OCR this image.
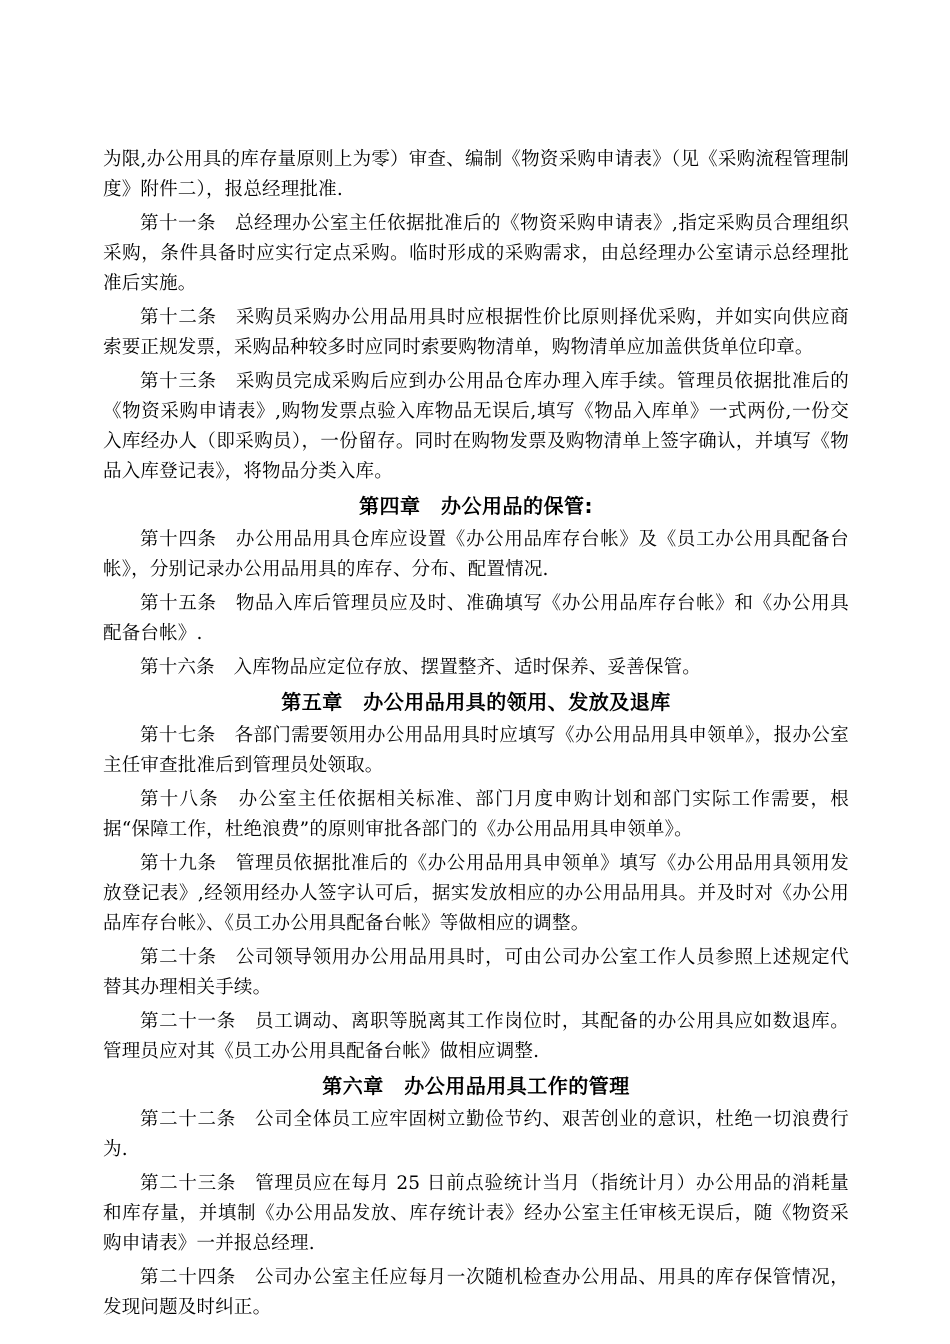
为限,办公用具的库存量原则上为零）审查、编制《物资采购申请表》（见《采购流程管理制度》附件二），报总经理批准.

第十一条　总经理办公室主任依据批准后的《物资采购申请表》,指定采购员合理组织采购，条件具备时应实行定点采购。临时形成的采购需求，由总经理办公室请示总经理批准后实施。

第十二条　采购员采购办公用品用具时应根据性价比原则择优采购，并如实向供应商索要正规发票，采购品种较多时应同时索要购物清单，购物清单应加盖供货单位印章。

第十三条　采购员完成采购后应到办公用品仓库办理入库手续。管理员依据批准后的《物资采购申请表》,购物发票点验入库物品无误后,填写《物品入库单》一式两份,一份交入库经办人（即采购员），一份留存。同时在购物发票及购物清单上签字确认，并填写《物品入库登记表》，将物品分类入库。

第四章　办公用品的保管:

第十四条　办公用品用具仓库应设置《办公用品库存台帐》及《员工办公用具配备台帐》，分别记录办公用品用具的库存、分布、配置情况.

第十五条　物品入库后管理员应及时、准确填写《办公用品库存台帐》和《办公用具配备台帐》.

第十六条　入库物品应定位存放、摆置整齐、适时保养、妥善保管。

第五章　办公用品用具的领用、发放及退库

第十七条　各部门需要领用办公用品用具时应填写《办公用品用具申领单》，报办公室主任审查批准后到管理员处领取。

第十八条　办公室主任依据相关标准、部门月度申购计划和部门实际工作需要，根据“保障工作，杜绝浪费”的原则审批各部门的《办公用品用具申领单》。

第十九条　管理员依据批准后的《办公用品用具申领单》填写《办公用品用具领用发放登记表》,经领用经办人签字认可后，据实发放相应的办公用品用具。并及时对《办公用品库存台帐》、《员工办公用具配备台帐》等做相应的调整。

第二十条　公司领导领用办公用品用具时，可由公司办公室工作人员参照上述规定代替其办理相关手续。

第二十一条　员工调动、离职等脱离其工作岗位时，其配备的办公用具应如数退库。管理员应对其《员工办公用具配备台帐》做相应调整.

第六章　办公用品用具工作的管理

第二十二条　公司全体员工应牢固树立勤俭节约、艰苦创业的意识，杜绝一切浪费行为.

第二十三条　管理员应在每月 25 日前点验统计当月（指统计月）办公用品的消耗量和库存量，并填制《办公用品发放、库存统计表》经办公室主任审核无误后，随《物资采购申请表》一并报总经理.

第二十四条　公司办公室主任应每月一次随机检查办公用品、用具的库存保管情况，发现问题及时纠正。
